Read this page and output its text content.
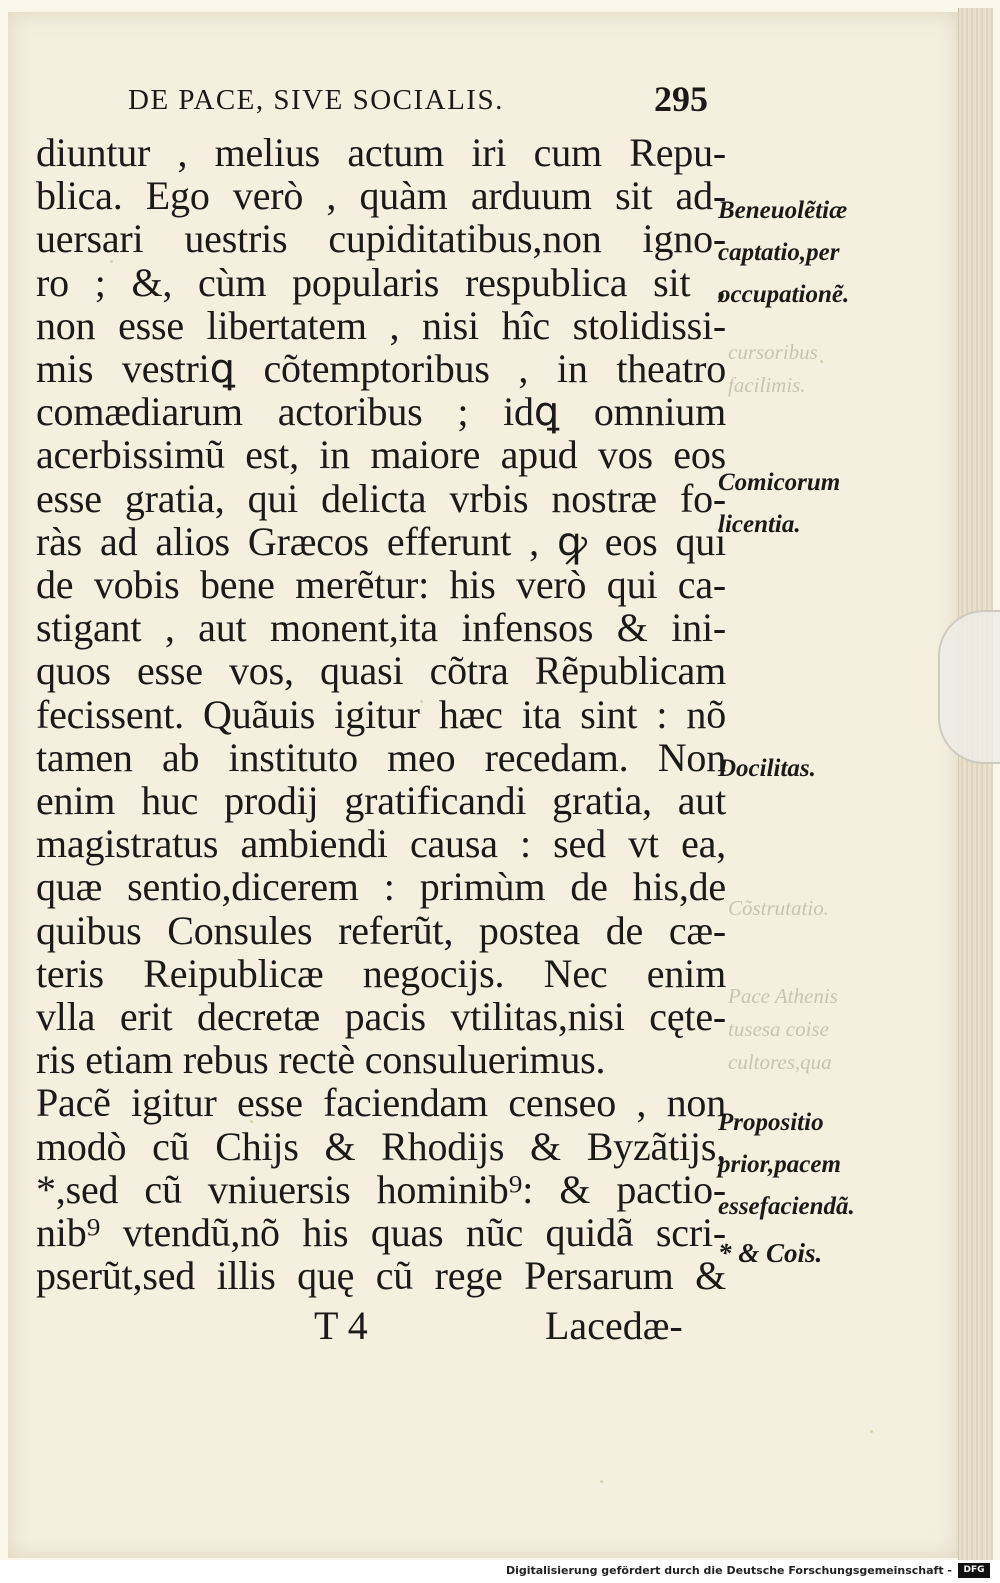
DE PACE, SIVE SOCIALIS.	295
diuntur , melius actum iri cum Repu-
blica. Ego verò , quàm arduum sit ad-
uersari uestris cupiditatibus,non igno-
ro ; &, cùm popularis respublica sit ,
non esse libertatem , nisi hîc stolidissi-
mis vestriꝗ cõtemptoribus , in theatro
comædiarum actoribus ; idꝗ omnium
acerbissimũ est, in maiore apud vos eos
esse gratia, qui delicta vrbis nostræ fo-
ràs ad alios Græcos efferunt , ꝙ eos qui
de vobis bene merẽtur: his verò qui ca-
stigant , aut monent,ita infensos & ini-
quos esse vos, quasi cõtra Rẽpublicam
fecissent. Quãuis igitur hæc ita sint : nõ
tamen ab instituto meo recedam. Non
enim huc prodij gratificandi gratia, aut
magistratus ambiendi causa : sed vt ea,
quæ sentio,dicerem : primùm de his,de
quibus Consules referũt, postea de cæ-
teris Reipublicæ negocijs. Nec enim
vlla erit decretæ pacis vtilitas,nisi cęte-
ris etiam rebus rectè consuluerimus.
Pacẽ igitur esse faciendam censeo , non
modò cũ Chijs & Rhodijs & Byzãtijs,
*,sed cũ vniuersis hominib⁹: & pactio-
nib⁹ vtendũ,nõ his quas nũc quidã scri-
pserũt,sed illis quę cũ rege Persarum &
Beneuolẽtiæ
captatio,per
occupationẽ.
Comicorum
licentia.
Docilitas.
Propositio
prior,pacem
essefaciendã.
* & Cois.
cursoribus
facilimis.
Cõstrutatio.
Pace Athenis
tusesa coise
cultores,qua
T 4	Lacedæ-
Digitalisierung gefördert durch die Deutsche Forschungsgemeinschaft -	DFG
